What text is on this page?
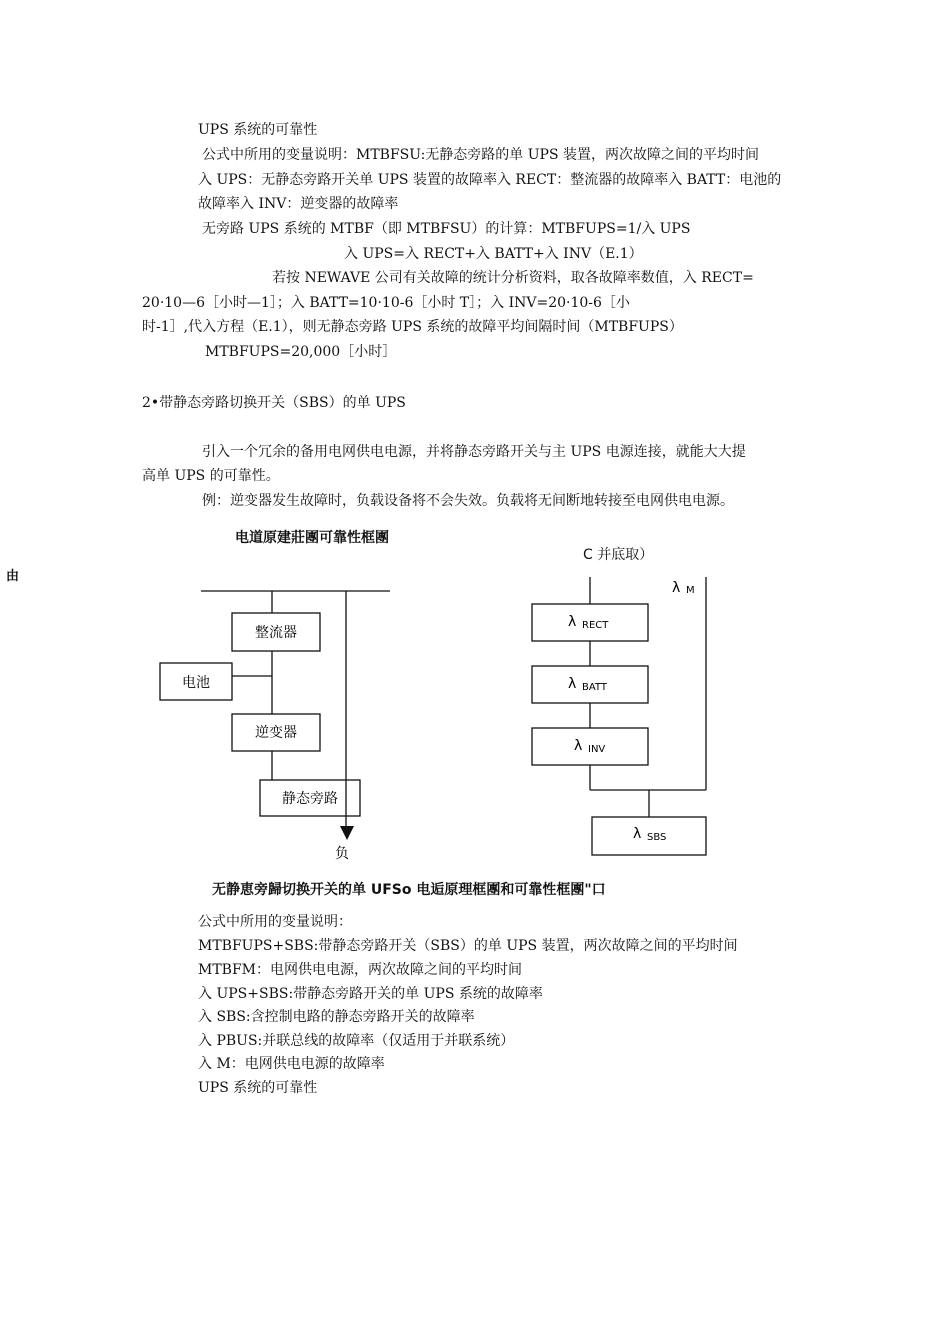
UPS 系统的可靠性
公式中所用的变量说明：MTBFSU:无静态旁路的单 UPS 装置，两次故障之间的平均时间
入 UPS：无静态旁路开关单 UPS 装置的故障率入 RECT：整流器的故障率入 BATT：电池的
故障率入 INV：逆变器的故障率
无旁路 UPS 系统的 MTBF（即 MTBFSU）的计算：MTBFUPS=1/入 UPS
入 UPS=入 RECT+入 BATT+入 INV（E.1）
若按 NEWAVE 公司有关故障的统计分析资料，取各故障率数值，入 RECT=
20·10—6［小时—1］；入 BATT=10·10-6［小时 T］；入 INV=20·10-6［小
时-1］,代入方程（E.1），则无静态旁路 UPS 系统的故障平均间隔时间（MTBFUPS）
MTBFUPS=20,000［小时］
2•带静态旁路切换开关（SBS）的单 UPS
引入一个冗余的备用电网供电电源，并将静态旁路开关与主 UPS 电源连接，就能大大提
高单 UPS 的可靠性。
例：逆变器发生故障时，负载设备将不会失效。负载将无间断地转接至电网供电电源。
电道原建莊團可靠性框團
C 并底取）
由
整流器
电池
逆变器
静态旁路
负
λ M
λ RECT
λ BATT
λ INV
λ SBS
无静恵旁歸切换开关的单 UFSo 电逅原理框團和可靠性框團"口
公式中所用的变量说明：
MTBFUPS+SBS:带静态旁路开关（SBS）的单 UPS 装置，两次故障之间的平均时间
MTBFM：电网供电电源，两次故障之间的平均时间
入 UPS+SBS:带静态旁路开关的单 UPS 系统的故障率
入 SBS:含控制电路的静态旁路开关的故障率
入 PBUS:并联总线的故障率（仅适用于并联系统）
入 M：电网供电电源的故障率
UPS 系统的可靠性
